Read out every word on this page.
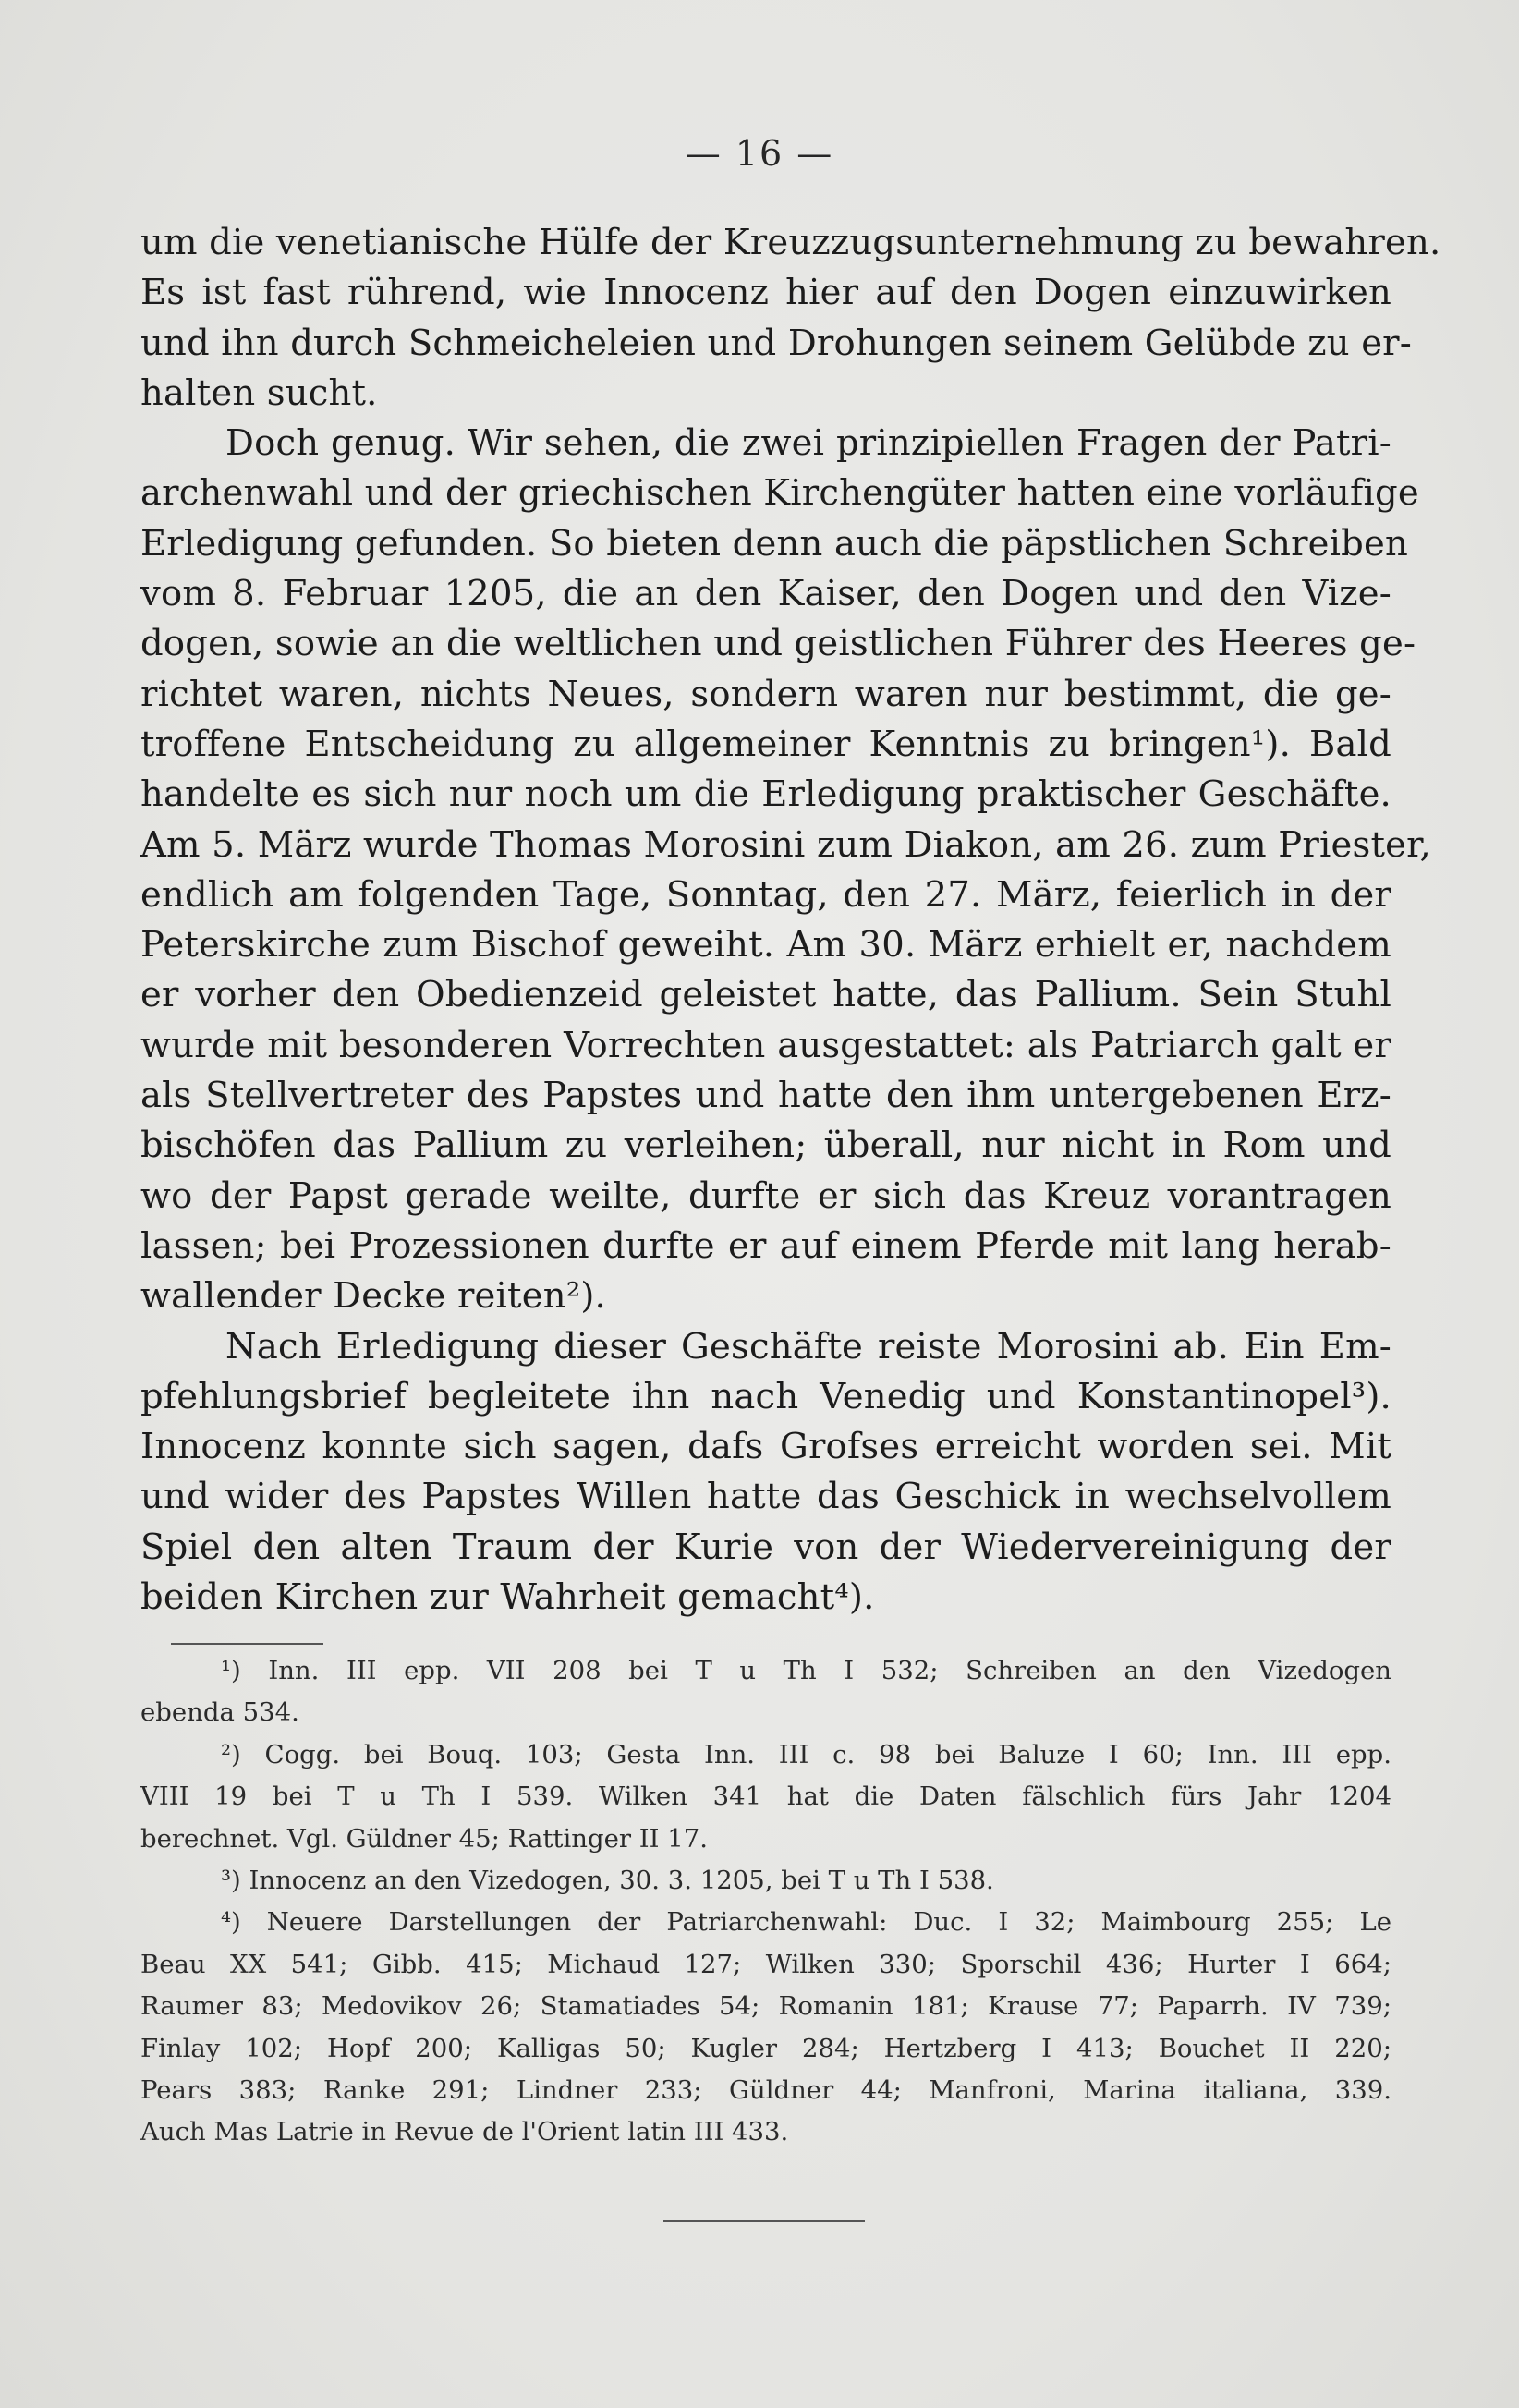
— 16 —
um die venetianische Hülfe der Kreuzzugsunternehmung zu bewahren.
Es ist fast rührend, wie Innocenz hier auf den Dogen einzuwirken
und ihn durch Schmeicheleien und Drohungen seinem Gelübde zu er-
halten sucht.
Doch genug. Wir sehen, die zwei prinzipiellen Fragen der Patri-
archenwahl und der griechischen Kirchengüter hatten eine vorläufige
Erledigung gefunden. So bieten denn auch die päpstlichen Schreiben
vom 8. Februar 1205, die an den Kaiser, den Dogen und den Vize-
dogen, sowie an die weltlichen und geistlichen Führer des Heeres ge-
richtet waren, nichts Neues, sondern waren nur bestimmt, die ge-
troffene Entscheidung zu allgemeiner Kenntnis zu bringen¹). Bald
handelte es sich nur noch um die Erledigung praktischer Geschäfte.
Am 5. März wurde Thomas Morosini zum Diakon, am 26. zum Priester,
endlich am folgenden Tage, Sonntag, den 27. März, feierlich in der
Peterskirche zum Bischof geweiht. Am 30. März erhielt er, nachdem
er vorher den Obedienzeid geleistet hatte, das Pallium. Sein Stuhl
wurde mit besonderen Vorrechten ausgestattet: als Patriarch galt er
als Stellvertreter des Papstes und hatte den ihm untergebenen Erz-
bischöfen das Pallium zu verleihen; überall, nur nicht in Rom und
wo der Papst gerade weilte, durfte er sich das Kreuz vorantragen
lassen; bei Prozessionen durfte er auf einem Pferde mit lang herab-
wallender Decke reiten²).
Nach Erledigung dieser Geschäfte reiste Morosini ab. Ein Em-
pfehlungsbrief begleitete ihn nach Venedig und Konstantinopel³).
Innocenz konnte sich sagen, dafs Grofses erreicht worden sei. Mit
und wider des Papstes Willen hatte das Geschick in wechselvollem
Spiel den alten Traum der Kurie von der Wiedervereinigung der
beiden Kirchen zur Wahrheit gemacht⁴).
¹) Inn. III epp. VII 208 bei T u Th I 532; Schreiben an den Vizedogen
ebenda 534.
²) Cogg. bei Bouq. 103; Gesta Inn. III c. 98 bei Baluze I 60; Inn. III epp.
VIII 19 bei T u Th I 539. Wilken 341 hat die Daten fälschlich fürs Jahr 1204
berechnet. Vgl. Güldner 45; Rattinger II 17.
³) Innocenz an den Vizedogen, 30. 3. 1205, bei T u Th I 538.
⁴) Neuere Darstellungen der Patriarchenwahl: Duc. I 32; Maimbourg 255; Le
Beau XX 541; Gibb. 415; Michaud 127; Wilken 330; Sporschil 436; Hurter I 664;
Raumer 83; Medovikov 26; Stamatiades 54; Romanin 181; Krause 77; Paparrh. IV 739;
Finlay 102; Hopf 200; Kalligas 50; Kugler 284; Hertzberg I 413; Bouchet II 220;
Pears 383; Ranke 291; Lindner 233; Güldner 44; Manfroni, Marina italiana, 339.
Auch Mas Latrie in Revue de l'Orient latin III 433.
